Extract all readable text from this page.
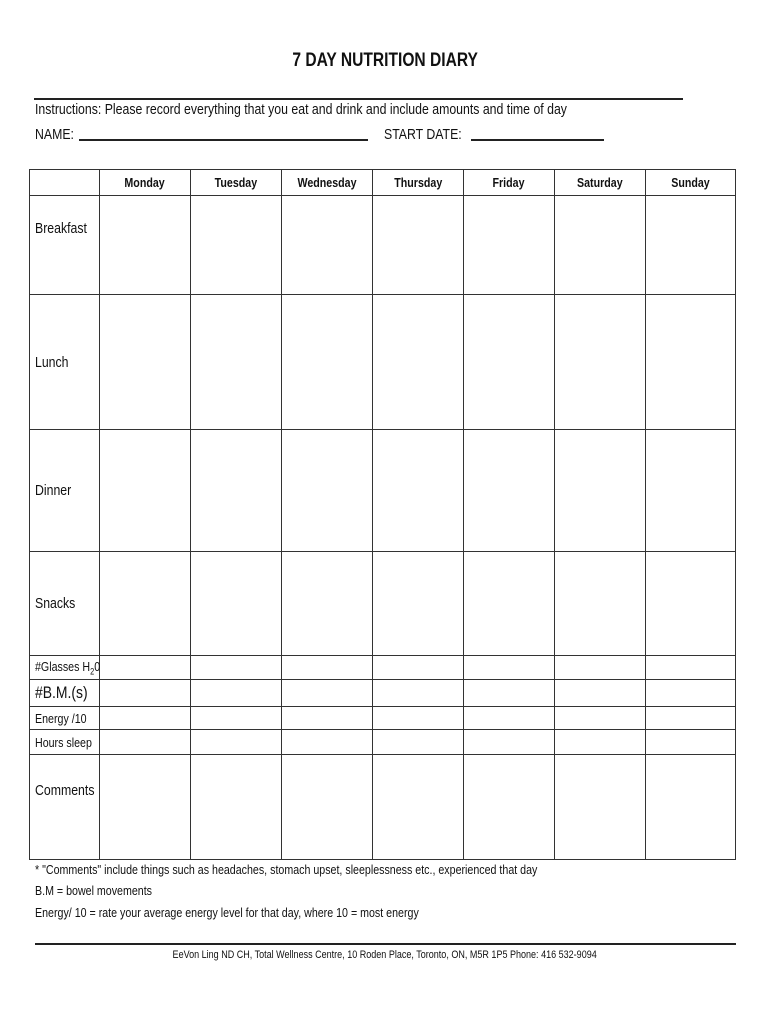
7 DAY NUTRITION DIARY
Instructions: Please record everything that you eat and drink and include amounts and time of day
NAME:	START DATE:
	Monday	Tuesday	Wednesday	Thursday	Friday	Saturday	Sunday
Breakfast							
Lunch							
Dinner							
Snacks							
#Glasses $H_20$							
#B.M.(s)							
Energy /10							
Hours sleep							
Comments							
* "Comments" include things such as headaches, stomach upset, sleeplessness etc., experienced that day
B.M = bowel movements
Energy/ 10 = rate your average energy level for that day, where 10 = most energy
EeVon Ling ND CH, Total Wellness Centre, 10 Roden Place, Toronto, ON, M5R 1P5 Phone: 416 532-9094
